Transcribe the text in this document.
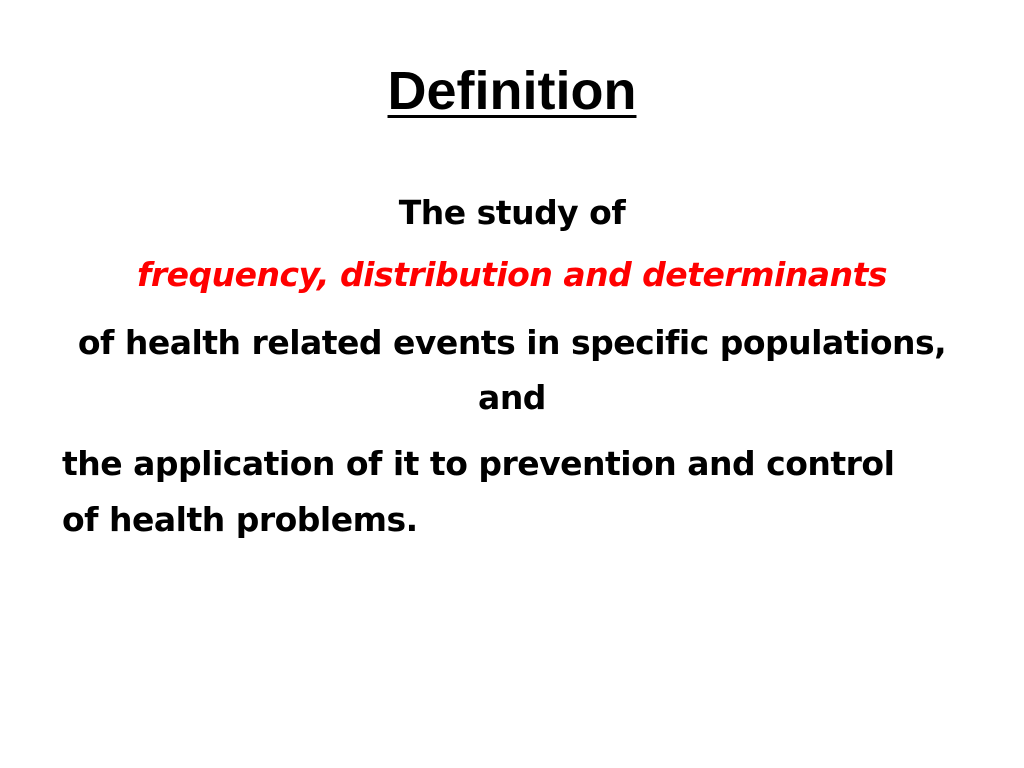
Definition
The study of
frequency, distribution and determinants
of health related events in specific populations,
and
the application of it to prevention and control
of health problems.
